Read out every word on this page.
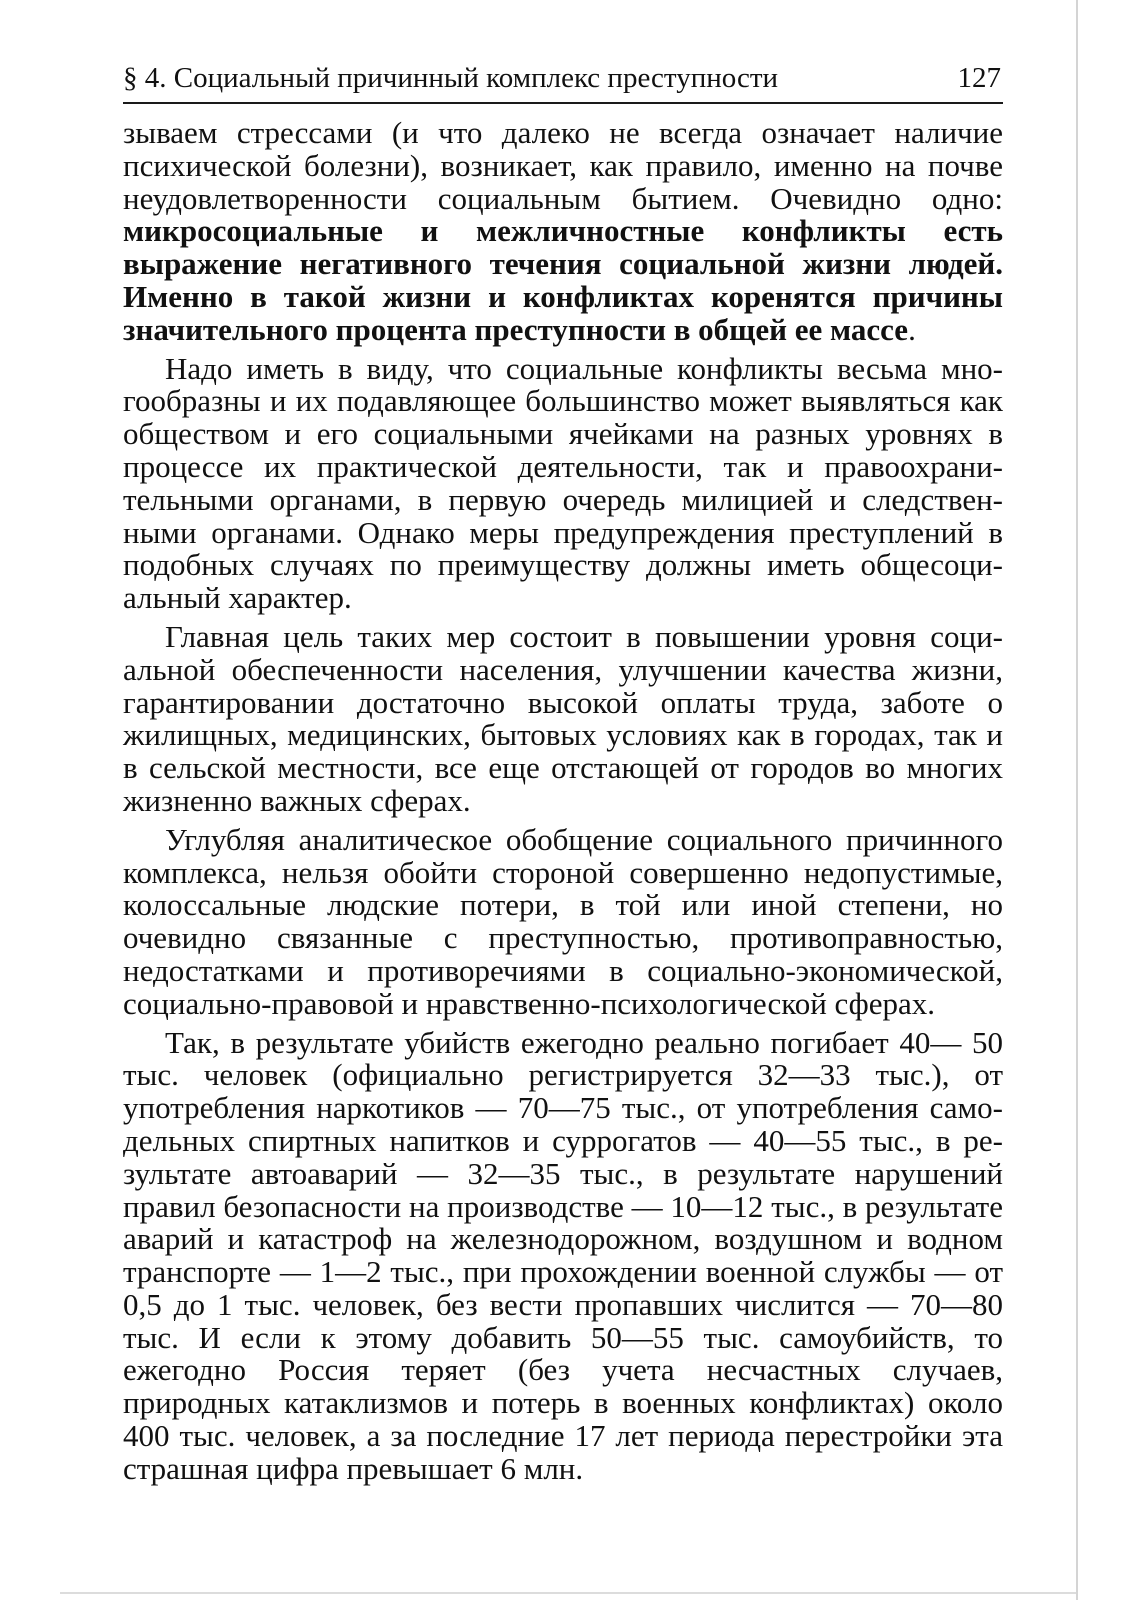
§ 4. Социальный причинный комплекс преступности	127

зываем стрессами (и что далеко не всегда означает наличие психической болезни), возникает, как правило, именно на почве неудовлетворенности социальным бытием. Очевидно одно: микросоциальные и межличностные конфликты есть выражение негативного течения социальной жизни людей. Именно в такой жизни и конфликтах коренятся причины значительного процента преступности в общей ее массе.

Надо иметь в виду, что социальные конфликты весьма многообразны и их подавляющее большинство может выявляться как обществом и его социальными ячейками на разных уровнях в процессе их практической деятельности, так и правоохранительными органами, в первую очередь милицией и следственными органами. Однако меры предупреждения преступлений в подобных случаях по преимуществу должны иметь общесоциальный характер.

Главная цель таких мер состоит в повышении уровня социальной обеспеченности населения, улучшении качества жизни, гарантировании достаточно высокой оплаты труда, заботе о жилищных, медицинских, бытовых условиях как в городах, так и в сельской местности, все еще отстающей от городов во многих жизненно важных сферах.

Углубляя аналитическое обобщение социального причинного комплекса, нельзя обойти стороной совершенно недопустимые, колоссальные людские потери, в той или иной степени, но очевидно связанные с преступностью, противоправностью, недостатками и противоречиями в социально-экономической, социально-правовой и нравственно-психологической сферах.

Так, в результате убийств ежегодно реально погибает 40— 50 тыс. человек (официально регистрируется 32—33 тыс.), от употребления наркотиков — 70—75 тыс., от употребления самодельных спиртных напитков и суррогатов — 40—55 тыс., в результате автоаварий — 32—35 тыс., в результате нарушений правил безопасности на производстве — 10—12 тыс., в результате аварий и катастроф на железнодорожном, воздушном и водном транспорте — 1—2 тыс., при прохождении военной службы — от 0,5 до 1 тыс. человек, без вести пропавших числится — 70—80 тыс. И если к этому добавить 50—55 тыс. самоубийств, то ежегодно Россия теряет (без учета несчастных случаев, природных катаклизмов и потерь в военных конфликтах) около 400 тыс. человек, а за последние 17 лет периода перестройки эта страшная цифра превышает 6 млн.
